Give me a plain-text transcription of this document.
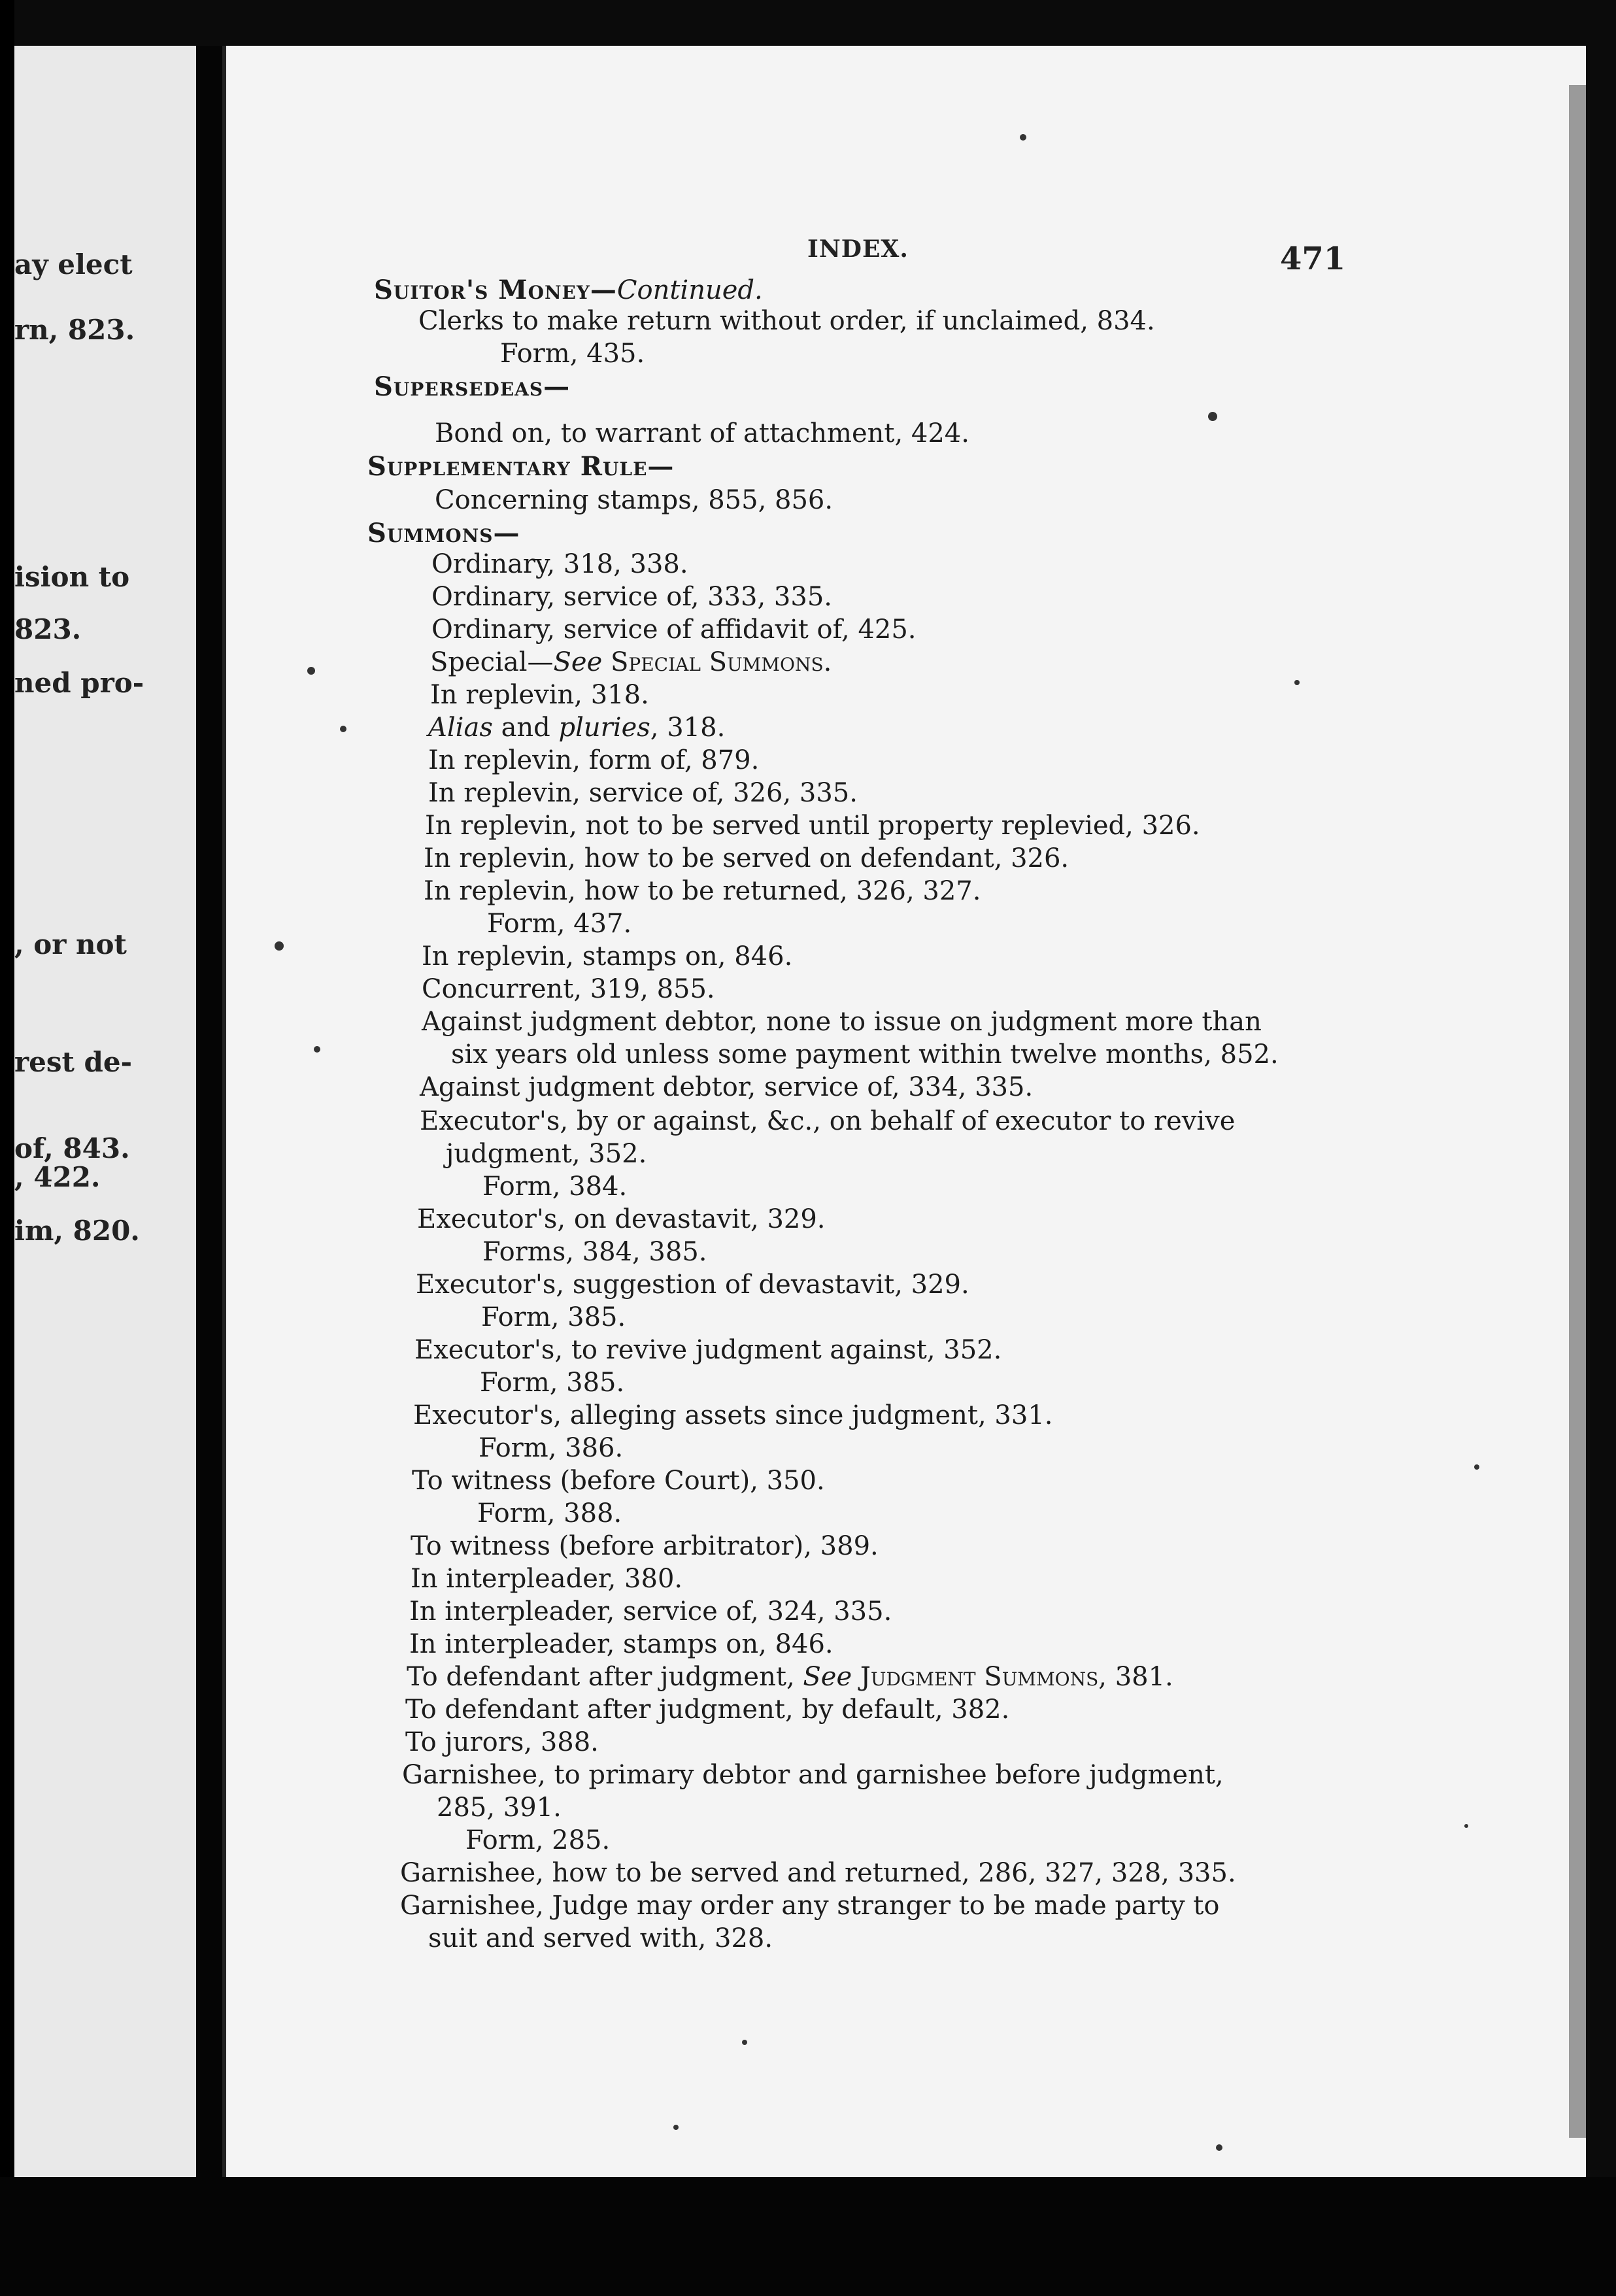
ay elect
rn, 823.
ision to
823.
ned pro-
, or not
rest de-
of, 843.
, 422.
im, 820.
INDEX.	471
Suitor's Money—Continued.
Clerks to make return without order, if unclaimed, 834.
Form, 435.
Supersedeas—
Bond on, to warrant of attachment, 424.
Supplementary Rule—
Concerning stamps, 855, 856.
Summons—
Ordinary, 318, 338.
Ordinary, service of, 333, 335.
Ordinary, service of affidavit of, 425.
Special—See Special Summons.
In replevin, 318.
Alias and pluries, 318.
In replevin, form of, 879.
In replevin, service of, 326, 335.
In replevin, not to be served until property replevied, 326.
In replevin, how to be served on defendant, 326.
In replevin, how to be returned, 326, 327.
Form, 437.
In replevin, stamps on, 846.
Concurrent, 319, 855.
Against judgment debtor, none to issue on judgment more than
six years old unless some payment within twelve months, 852.
Against judgment debtor, service of, 334, 335.
Executor's, by or against, &c., on behalf of executor to revive
judgment, 352.
Form, 384.
Executor's, on devastavit, 329.
Forms, 384, 385.
Executor's, suggestion of devastavit, 329.
Form, 385.
Executor's, to revive judgment against, 352.
Form, 385.
Executor's, alleging assets since judgment, 331.
Form, 386.
To witness (before Court), 350.
Form, 388.
To witness (before arbitrator), 389.
In interpleader, 380.
In interpleader, service of, 324, 335.
In interpleader, stamps on, 846.
To defendant after judgment, See Judgment Summons, 381.
To defendant after judgment, by default, 382.
To jurors, 388.
Garnishee, to primary debtor and garnishee before judgment,
285, 391.
Form, 285.
Garnishee, how to be served and returned, 286, 327, 328, 335.
Garnishee, Judge may order any stranger to be made party to
suit and served with, 328.
